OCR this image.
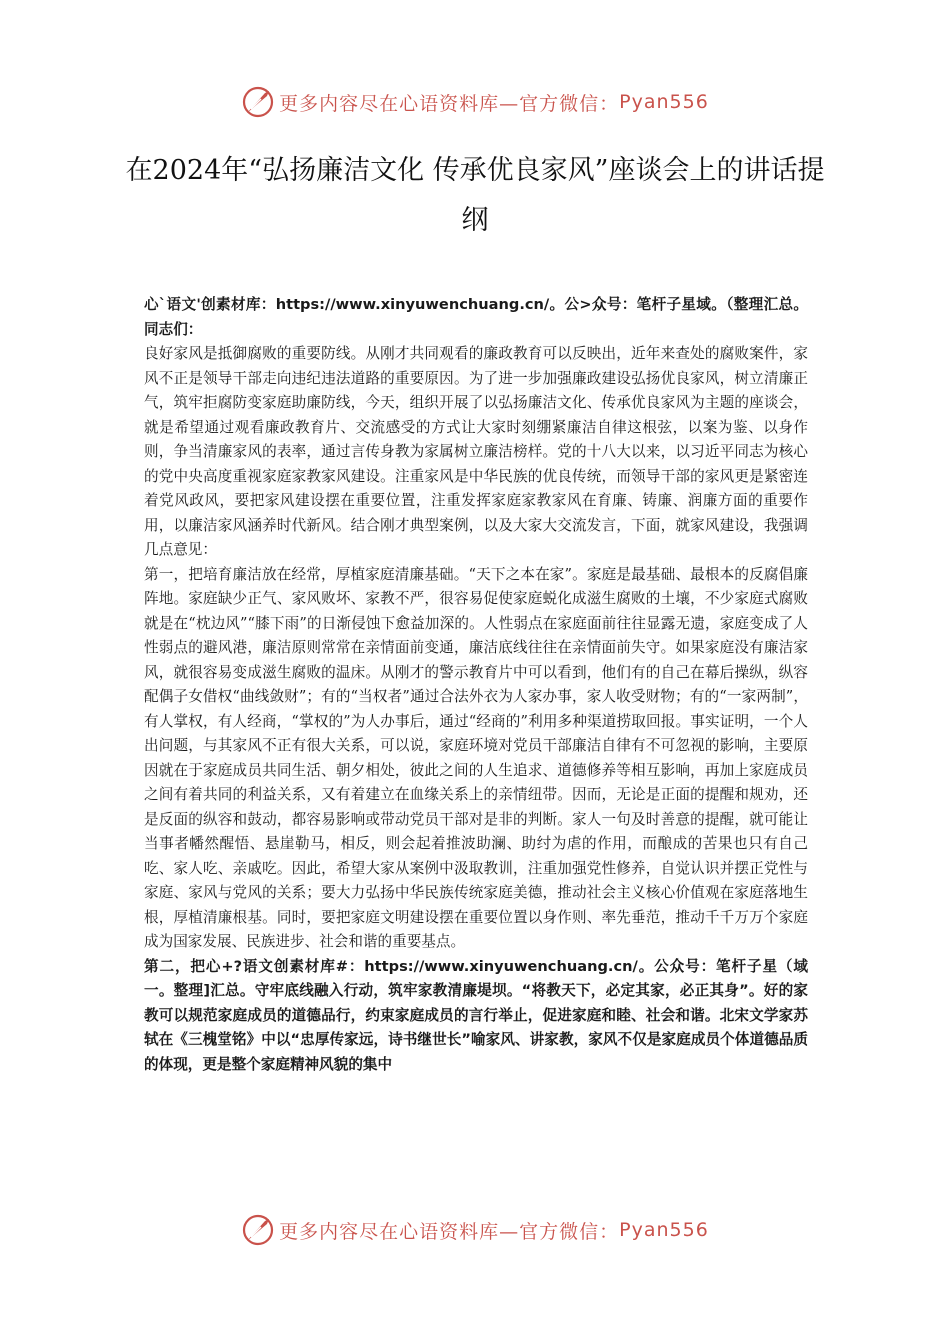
更多内容尽在心语资料库—官方微信： Pyan556
在2024年“弘扬廉洁文化 传承优良家风”座谈会上的讲话提纲

心`语文'创素材库：https://www.xinyuwenchuang.cn/。公>众号：笔杆子星域。（整理汇总。同志们：

良好家风是抵御腐败的重要防线。从刚才共同观看的廉政教育可以反映出，近年来查处的腐败案件，家风不正是领导干部走向违纪违法道路的重要原因。为了进一步加强廉政建设弘扬优良家风，树立清廉正气，筑牢拒腐防变家庭助廉防线，今天，组织开展了以弘扬廉洁文化、传承优良家风为主题的座谈会，就是希望通过观看廉政教育片、交流感受的方式让大家时刻绷紧廉洁自律这根弦，以案为鉴、以身作则，争当清廉家风的表率，通过言传身教为家属树立廉洁榜样。党的十八大以来，以习近平同志为核心的党中央高度重视家庭家教家风建设。注重家风是中华民族的优良传统，而领导干部的家风更是紧密连着党风政风，要把家风建设摆在重要位置，注重发挥家庭家教家风在育廉、铸廉、润廉方面的重要作用，以廉洁家风涵养时代新风。结合刚才典型案例，以及大家大交流发言，下面，就家风建设，我强调几点意见：

第一，把培育廉洁放在经常，厚植家庭清廉基础。“天下之本在家”。家庭是最基础、最根本的反腐倡廉阵地。家庭缺少正气、家风败坏、家教不严，很容易促使家庭蜕化成滋生腐败的土壤，不少家庭式腐败就是在“枕边风”“膝下雨”的日渐侵蚀下愈益加深的。人性弱点在家庭面前往往显露无遗，家庭变成了人性弱点的避风港，廉洁原则常常在亲情面前变通，廉洁底线往往在亲情面前失守。如果家庭没有廉洁家风，就很容易变成滋生腐败的温床。从刚才的警示教育片中可以看到，他们有的自己在幕后操纵，纵容配偶子女借权“曲线敛财”；有的“当权者”通过合法外衣为人家办事，家人收受财物；有的“一家两制”，有人掌权，有人经商，“掌权的”为人办事后，通过“经商的”利用多种渠道捞取回报。事实证明，一个人出问题，与其家风不正有很大关系，可以说，家庭环境对党员干部廉洁自律有不可忽视的影响，主要原因就在于家庭成员共同生活、朝夕相处，彼此之间的人生追求、道德修养等相互影响，再加上家庭成员之间有着共同的利益关系，又有着建立在血缘关系上的亲情纽带。因而，无论是正面的提醒和规劝，还是反面的纵容和鼓动，都容易影响或带动党员干部对是非的判断。家人一句及时善意的提醒，就可能让当事者幡然醒悟、悬崖勒马，相反，则会起着推波助澜、助纣为虐的作用，而酿成的苦果也只有自己吃、家人吃、亲戚吃。因此，希望大家从案例中汲取教训，注重加强党性修养，自觉认识并摆正党性与家庭、家风与党风的关系；要大力弘扬中华民族传统家庭美德，推动社会主义核心价值观在家庭落地生根，厚植清廉根基。同时，要把家庭文明建设摆在重要位置以身作则、率先垂范，推动千千万万个家庭成为国家发展、民族进步、社会和谐的重要基点。

第二，把心+?语文创素材库#：https://www.xinyuwenchuang.cn/。公众号：笔杆子星（域一。整理]汇总。守牢底线融入行动，筑牢家教清廉堤坝。“将教天下，必定其家，必正其身”。好的家教可以规范家庭成员的道德品行，约束家庭成员的言行举止，促进家庭和睦、社会和谐。北宋文学家苏轼在《三槐堂铭》中以“忠厚传家远，诗书继世长”喻家风、讲家教，家风不仅是家庭成员个体道德品质的体现，更是整个家庭精神风貌的集中

更多内容尽在心语资料库—官方微信： Pyan556
